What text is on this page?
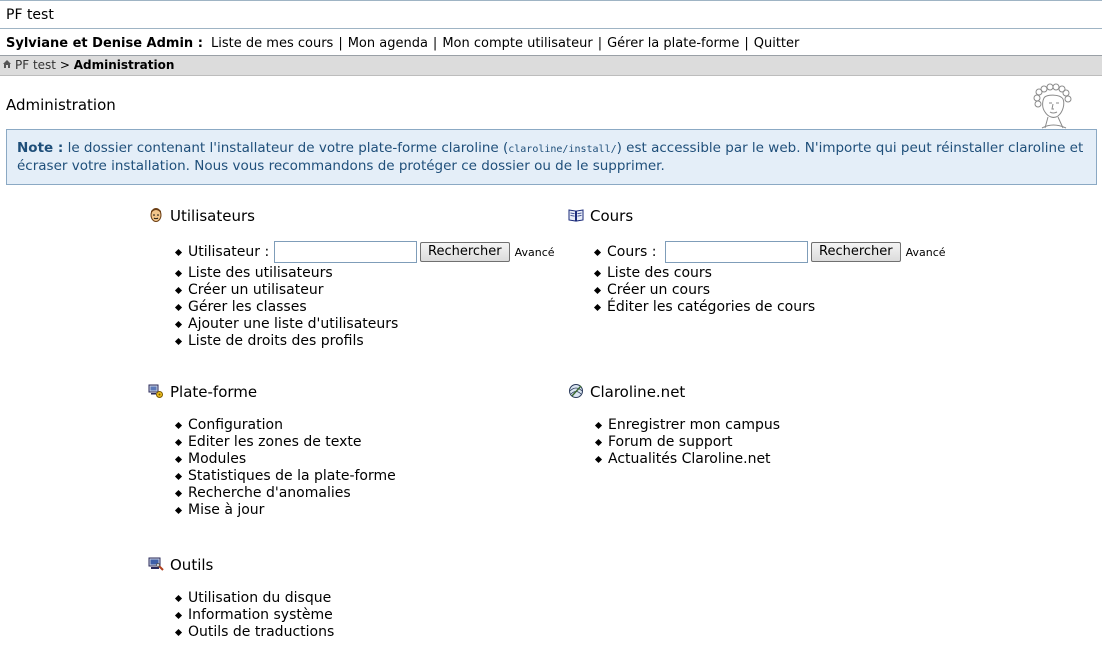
PF test
Sylviane et Denise Admin : Liste de mes cours | Mon agenda | Mon compte utilisateur | Gérer la plate-forme | Quitter
PF test > Administration
Administration
Note : le dossier contenant l'installateur de votre plate-forme claroline (claroline/install/) est accessible par le web. N'importe qui peut réinstaller claroline et écraser votre installation. Nous vous recommandons de protéger ce dossier ou de le supprimer.
Utilisateurs
Utilisateur :	Rechercher Avancé
Liste des utilisateurs
Créer un utilisateur
Gérer les classes
Ajouter une liste d'utilisateurs
Liste de droits des profils
Cours
Cours :	Rechercher Avancé
Liste des cours
Créer un cours
Éditer les catégories de cours
Plate-forme
Configuration
Editer les zones de texte
Modules
Statistiques de la plate-forme
Recherche d'anomalies
Mise à jour
Claroline.net
Enregistrer mon campus
Forum de support
Actualités Claroline.net
Outils
Utilisation du disque
Information système
Outils de traductions
